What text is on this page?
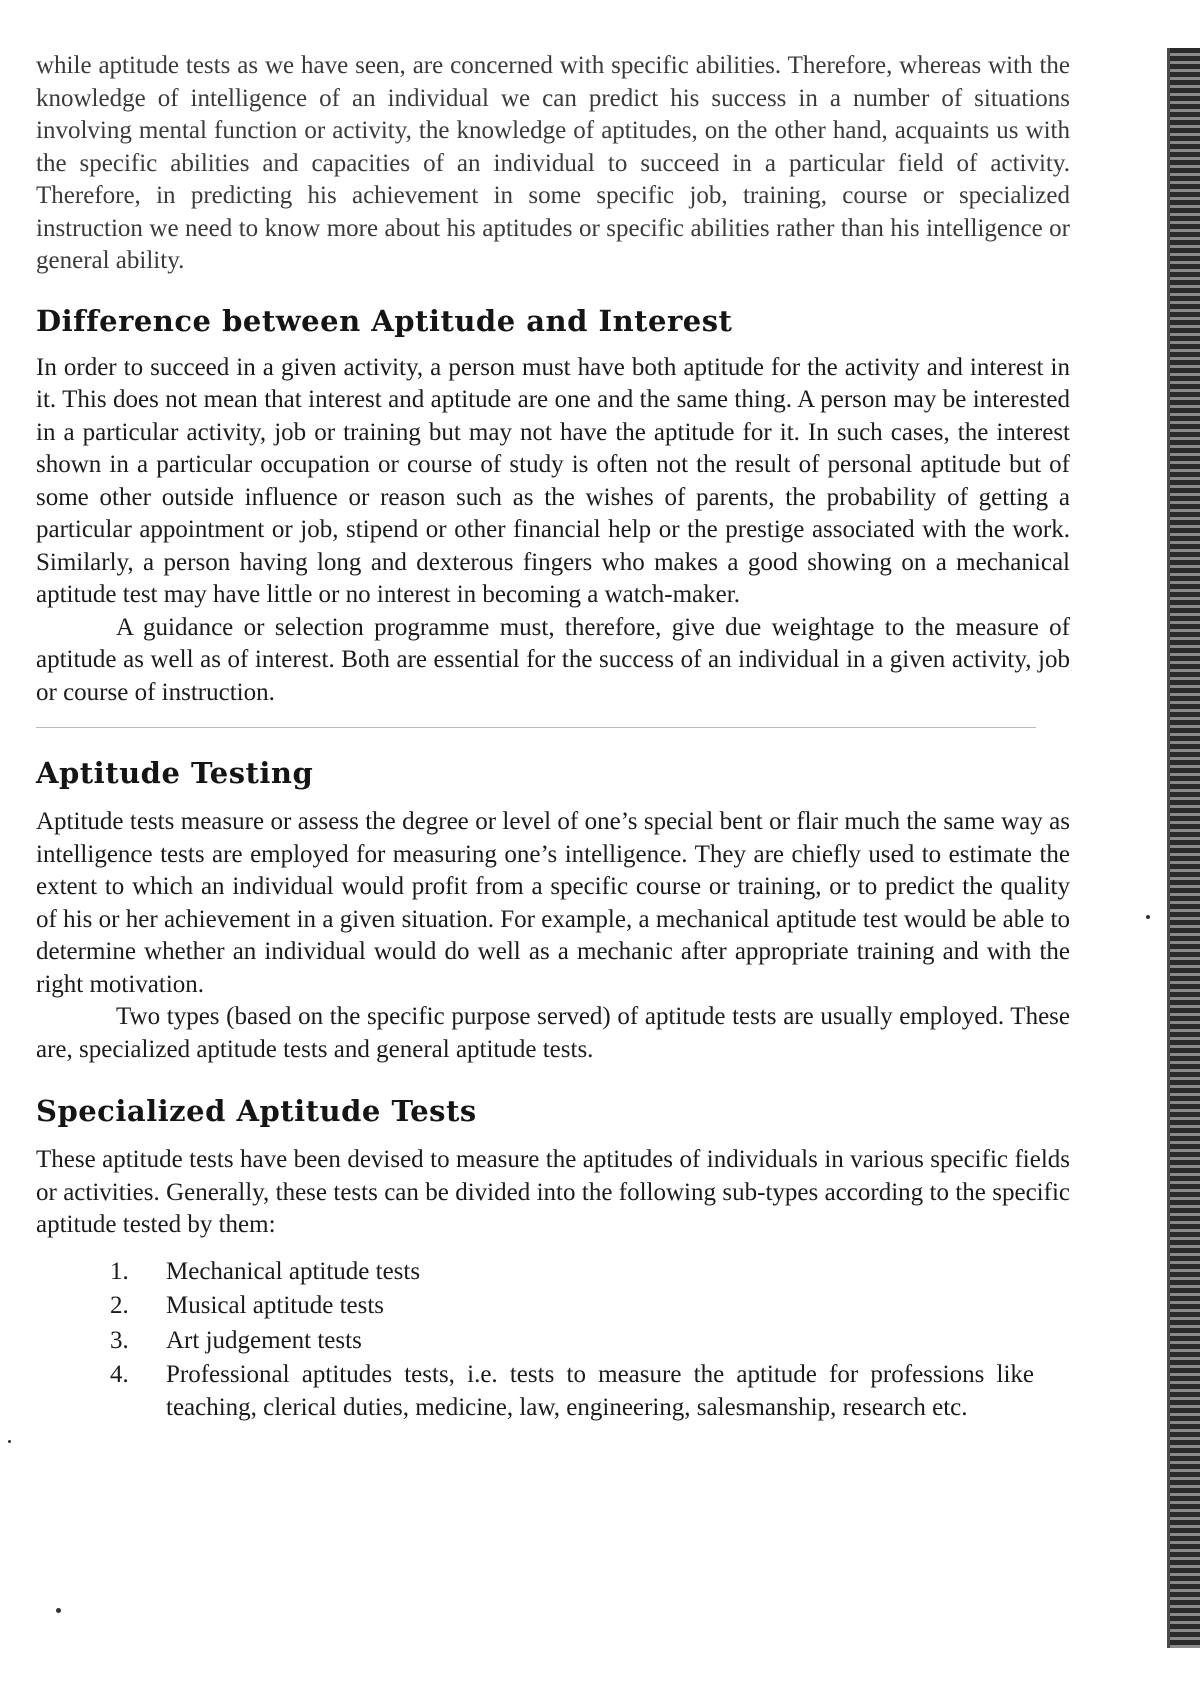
while aptitude tests as we have seen, are concerned with specific abilities. Therefore, whereas with the knowledge of intelligence of an individual we can predict his success in a number of situations involving mental function or activity, the knowledge of aptitudes, on the other hand, acquaints us with the specific abilities and capacities of an individual to succeed in a particular field of activity. Therefore, in predicting his achievement in some specific job, training, course or specialized instruction we need to know more about his aptitudes or specific abilities rather than his intelligence or general ability.

Difference between Aptitude and Interest

In order to succeed in a given activity, a person must have both aptitude for the activity and interest in it. This does not mean that interest and aptitude are one and the same thing. A person may be interested in a particular activity, job or training but may not have the aptitude for it. In such cases, the interest shown in a particular occupation or course of study is often not the result of personal aptitude but of some other outside influence or reason such as the wishes of parents, the probability of getting a particular appointment or job, stipend or other financial help or the prestige associated with the work. Similarly, a person having long and dexterous fingers who makes a good showing on a mechanical aptitude test may have little or no interest in becoming a watch-maker.

A guidance or selection programme must, therefore, give due weightage to the measure of aptitude as well as of interest. Both are essential for the success of an individual in a given activity, job or course of instruction.

Aptitude Testing

Aptitude tests measure or assess the degree or level of one’s special bent or flair much the same way as intelligence tests are employed for measuring one’s intelligence. They are chiefly used to estimate the extent to which an individual would profit from a specific course or training, or to predict the quality of his or her achievement in a given situation. For example, a mechanical aptitude test would be able to determine whether an individual would do well as a mechanic after appropriate training and with the right motivation.

Two types (based on the specific purpose served) of aptitude tests are usually employed. These are, specialized aptitude tests and general aptitude tests.

Specialized Aptitude Tests

These aptitude tests have been devised to measure the aptitudes of individuals in various specific fields or activities. Generally, these tests can be divided into the following sub-types according to the specific aptitude tested by them:

1.	Mechanical aptitude tests
2.	Musical aptitude tests
3.	Art judgement tests
4.	Professional aptitudes tests, i.e. tests to measure the aptitude for professions like teaching, clerical duties, medicine, law, engineering, salesmanship, research etc.
